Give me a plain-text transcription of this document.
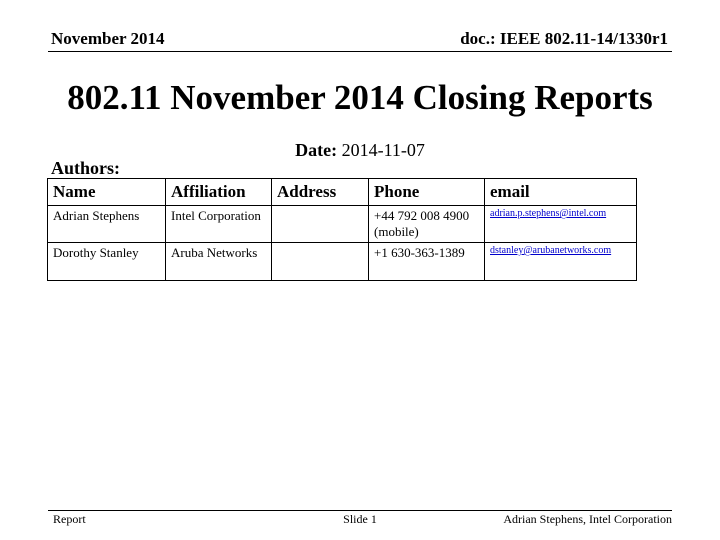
November 2014	doc.: IEEE 802.11-14/1330r1
802.11 November 2014 Closing Reports
Date: 2014-11-07
Authors:
Name	Affiliation	Address	Phone	email
Adrian Stephens	Intel Corporation		+44 792 008 4900 (mobile)	adrian.p.stephens@intel.com
Dorothy Stanley	Aruba Networks		+1 630-363-1389	dstanley@arubanetworks.com
Report	Slide 1	Adrian Stephens, Intel Corporation
